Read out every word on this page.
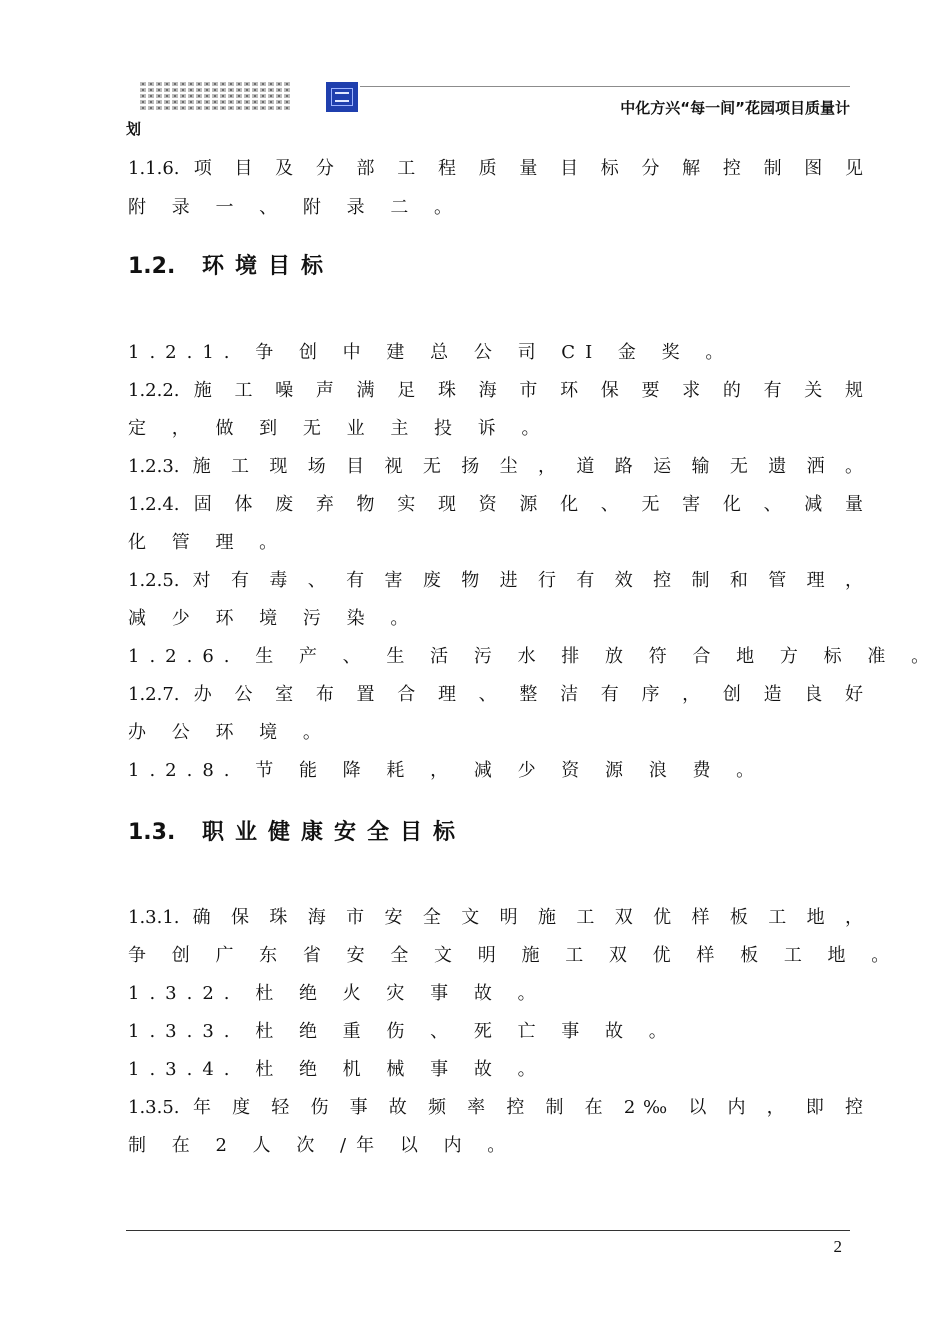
中化方兴“每一间”花园项目质量计
划
1.1.6. 项 目 及 分 部 工 程 质 量 目 标 分 解 控 制 图 见
附 录 一 、 附 录 二 。
1.2. 环境目标
1.2.1. 争 创 中 建 总 公 司 CI 金 奖 。
1.2.2. 施 工 噪 声 满 足 珠 海 市 环 保 要 求 的 有 关 规
定 ， 做 到 无 业 主 投 诉 。
1.2.3. 施 工 现 场 目 视 无 扬 尘 ， 道 路 运 输 无 遗 洒 。
1.2.4. 固 体 废 弃 物 实 现 资 源 化 、 无 害 化 、 减 量
化 管 理 。
1.2.5. 对 有 毒 、 有 害 废 物 进 行 有 效 控 制 和 管 理 ，
减 少 环 境 污 染 。
1.2.6. 生 产 、 生 活 污 水 排 放 符 合 地 方 标 准 。
1.2.7. 办 公 室 布 置 合 理 、 整 洁 有 序 ， 创 造 良 好
办 公 环 境 。
1.2.8. 节 能 降 耗 ， 减 少 资 源 浪 费 。
1.3. 职业健康安全目标
1.3.1. 确 保 珠 海 市 安 全 文 明 施 工 双 优 样 板 工 地 ，
争 创 广 东 省 安 全 文 明 施 工 双 优 样 板 工 地 。
1.3.2. 杜 绝 火 灾 事 故 。
1.3.3. 杜 绝 重 伤 、 死 亡 事 故 。
1.3.4. 杜 绝 机 械 事 故 。
1.3.5. 年 度 轻 伤 事 故 频 率 控 制 在 2‰ 以 内 ， 即 控
制 在 2 人 次 /年 以 内 。
2
